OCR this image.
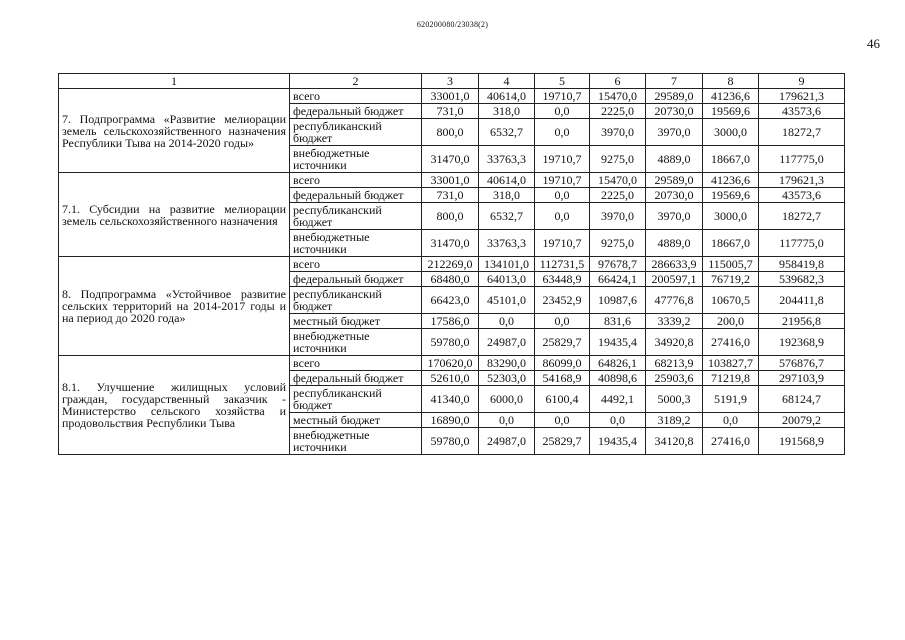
620200080/23038(2)
46
1	2	3	4	5	6	7	8	9
7. Подпрограмма «Развитие мелиорации земель сельскохозяйственного назначения Республики Тыва на 2014-2020 годы»	всего	33001,0	40614,0	19710,7	15470,0	29589,0	41236,6	179621,3
	федеральный бюджет	731,0	318,0	0,0	2225,0	20730,0	19569,6	43573,6
	республиканский бюджет	800,0	6532,7	0,0	3970,0	3970,0	3000,0	18272,7
	внебюджетные источники	31470,0	33763,3	19710,7	9275,0	4889,0	18667,0	117775,0
7.1. Субсидии на развитие мелиорации земель сельскохозяйственного назначения	всего	33001,0	40614,0	19710,7	15470,0	29589,0	41236,6	179621,3
	федеральный бюджет	731,0	318,0	0,0	2225,0	20730,0	19569,6	43573,6
	республиканский бюджет	800,0	6532,7	0,0	3970,0	3970,0	3000,0	18272,7
	внебюджетные источники	31470,0	33763,3	19710,7	9275,0	4889,0	18667,0	117775,0
8. Подпрограмма «Устойчивое развитие сельских территорий на 2014-2017 годы и на период до 2020 года»	всего	212269,0	134101,0	112731,5	97678,7	286633,9	115005,7	958419,8
	федеральный бюджет	68480,0	64013,0	63448,9	66424,1	200597,1	76719,2	539682,3
	республиканский бюджет	66423,0	45101,0	23452,9	10987,6	47776,8	10670,5	204411,8
	местный бюджет	17586,0	0,0	0,0	831,6	3339,2	200,0	21956,8
	внебюджетные источники	59780,0	24987,0	25829,7	19435,4	34920,8	27416,0	192368,9
8.1. Улучшение жилищных условий граждан, государственный заказчик - Министерство сельского хозяйства и продовольствия Республики Тыва	всего	170620,0	83290,0	86099,0	64826,1	68213,9	103827,7	576876,7
	федеральный бюджет	52610,0	52303,0	54168,9	40898,6	25903,6	71219,8	297103,9
	республиканский бюджет	41340,0	6000,0	6100,4	4492,1	5000,3	5191,9	68124,7
	местный бюджет	16890,0	0,0	0,0	0,0	3189,2	0,0	20079,2
	внебюджетные источники	59780,0	24987,0	25829,7	19435,4	34120,8	27416,0	191568,9
